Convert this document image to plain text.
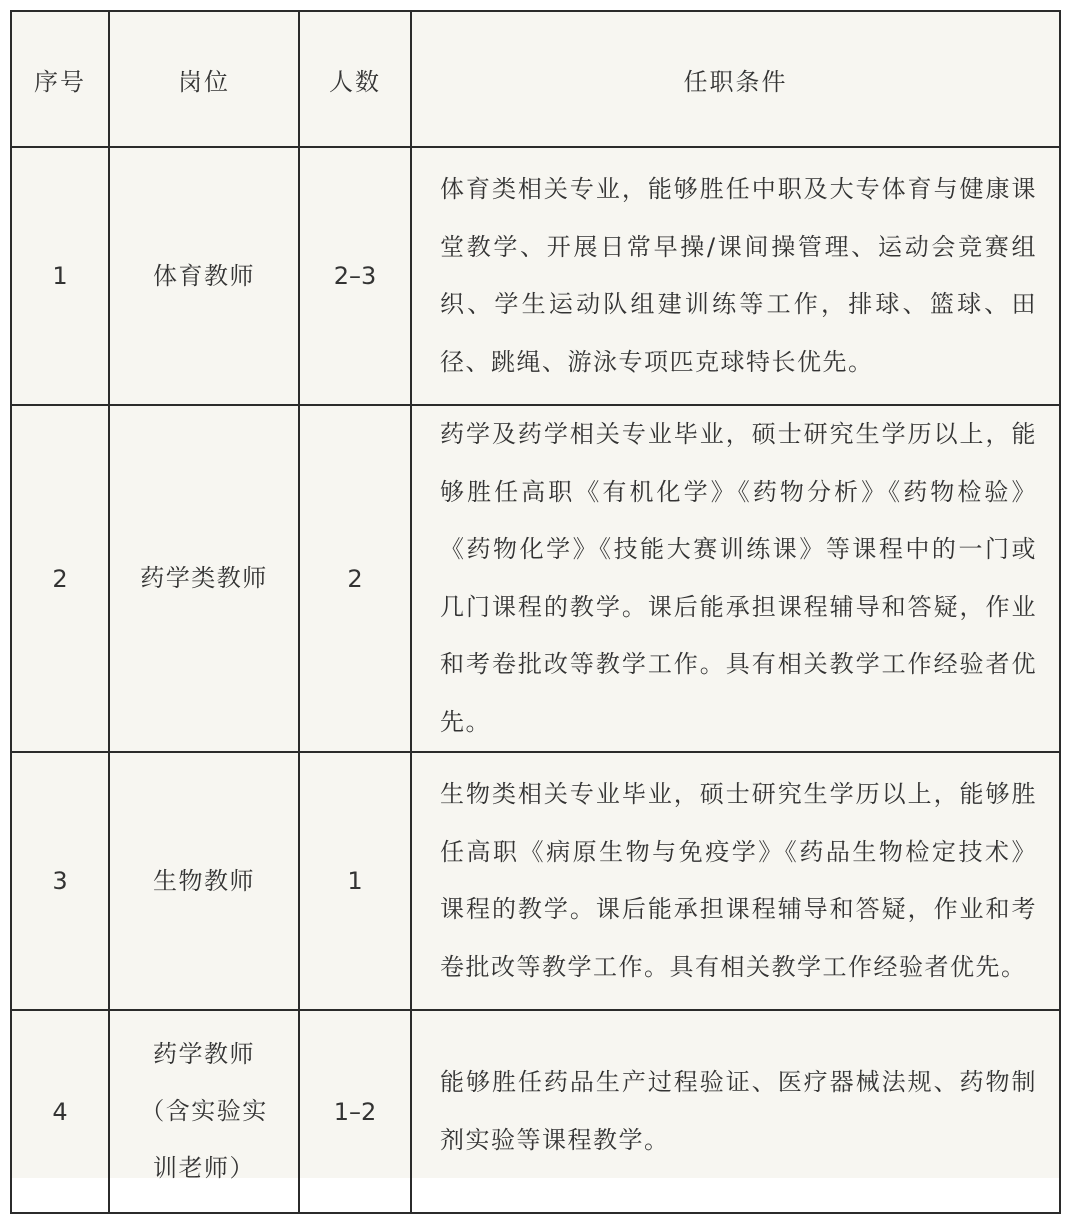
序号	岗位	人数	任职条件
1	体育教师	2–3	体育类相关专业，能够胜任中职及大专体育与健康课堂教学、开展日常早操/课间操管理、运动会竞赛组织、学生运动队组建训练等工作，排球、篮球、田径、跳绳、游泳专项匹克球特长优先。

2	药学类教师	2	药学及药学相关专业毕业，硕士研究生学历以上，能够胜任高职《有机化学》《药物分析》《药物检验》《药物化学》《技能大赛训练课》等课程中的一门或几门课程的教学。课后能承担课程辅导和答疑，作业和考卷批改等教学工作。具有相关教学工作经验者优先。

3	生物教师	1	生物类相关专业毕业，硕士研究生学历以上，能够胜任高职《病原生物与免疫学》《药品生物检定技术》课程的教学。课后能承担课程辅导和答疑，作业和考卷批改等教学工作。具有相关教学工作经验者优先。

4	药学教师（含实验实训老师）	1–2	能够胜任药品生产过程验证、医疗器械法规、药物制剂实验等课程教学。
